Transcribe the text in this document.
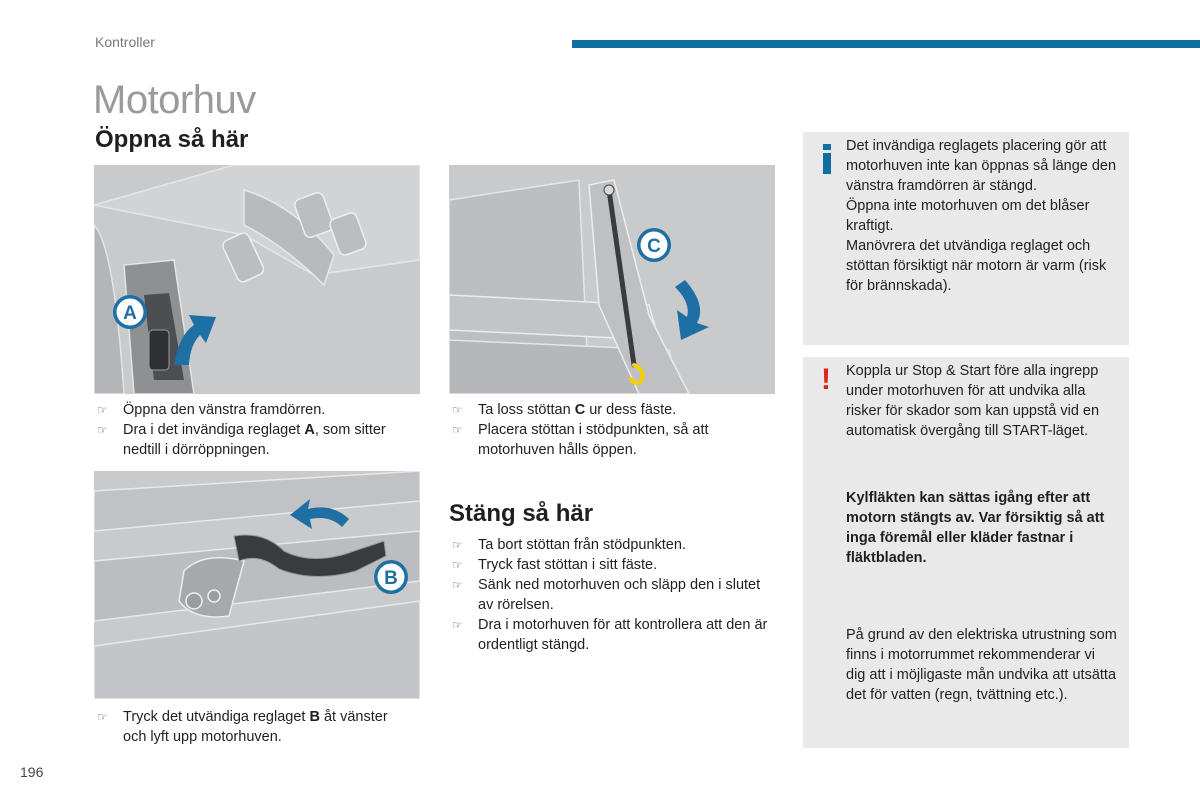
Kontroller
Motorhuv
Öppna så här
A
C
☞ Öppna den vänstra framdörren.
☞ Dra i det invändiga reglaget A, som sitter nedtill i dörröppningen.
☞ Ta loss stöttan C ur dess fäste.
☞ Placera stöttan i stödpunkten, så att motorhuven hålls öppen.
B
☞ Tryck det utvändiga reglaget B åt vänster och lyft upp motorhuven.
Stäng så här
☞ Ta bort stöttan från stödpunkten.
☞ Tryck fast stöttan i sitt fäste.
☞ Sänk ned motorhuven och släpp den i slutet av rörelsen.
☞ Dra i motorhuven för att kontrollera att den är ordentligt stängd.
Det invändiga reglagets placering gör att motorhuven inte kan öppnas så länge den vänstra framdörren är stängd.
Öppna inte motorhuven om det blåser kraftigt.
Manövrera det utvändiga reglaget och stöttan försiktigt när motorn är varm (risk för brännskada).
! Koppla ur Stop & Start före alla ingrepp under motorhuven för att undvika alla risker för skador som kan uppstå vid en automatisk övergång till START-läget.
Kylfläkten kan sättas igång efter att motorn stängts av. Var försiktig så att inga föremål eller kläder fastnar i fläktbladen.
På grund av den elektriska utrustning som finns i motorrummet rekommenderar vi dig att i möjligaste mån undvika att utsätta det för vatten (regn, tvättning etc.).
196
